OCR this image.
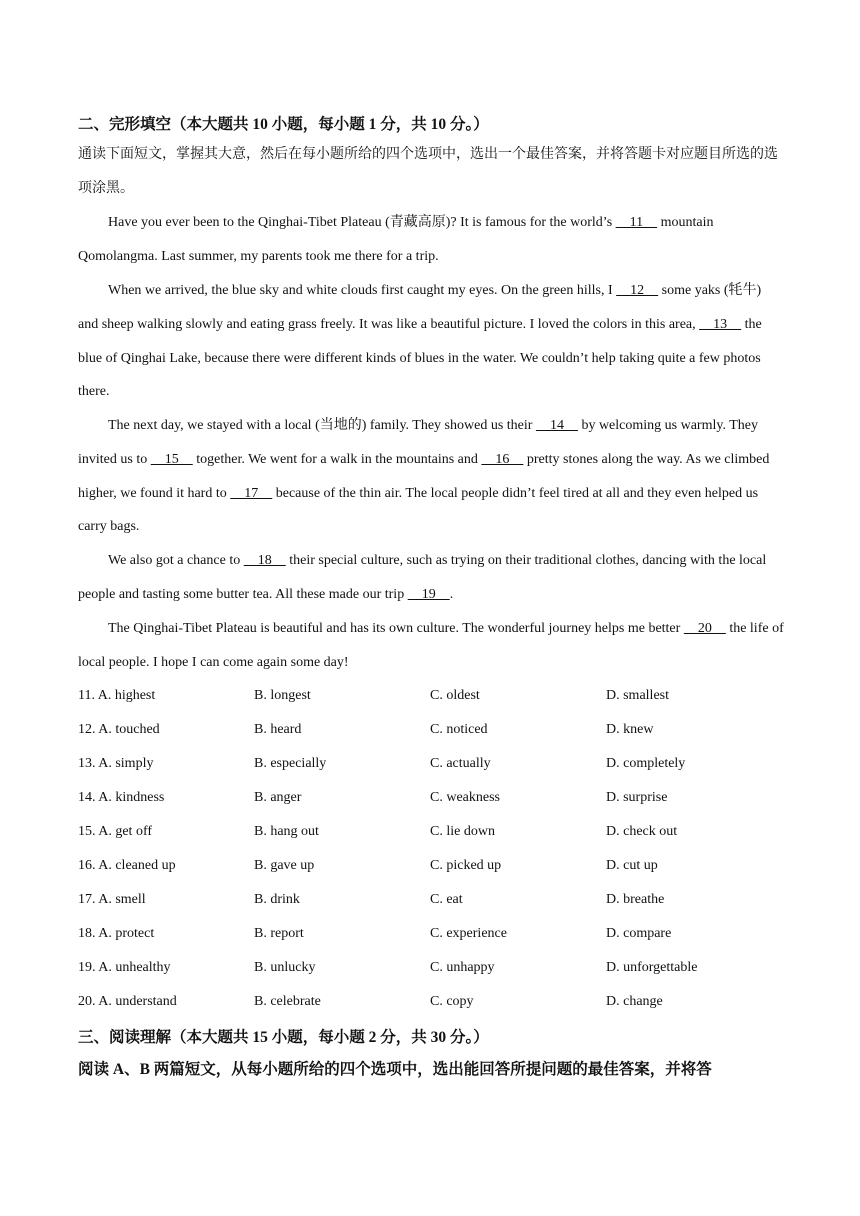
二、完形填空（本大题共 10 小题，每小题 1 分，共 10 分。）

通读下面短文，掌握其大意，然后在每小题所给的四个选项中，选出一个最佳答案，并将答题卡对应题目所选的选项涂黑。

Have you ever been to the Qinghai-Tibet Plateau (青藏高原)? It is famous for the world’s     11     mountain Qomolangma. Last summer, my parents took me there for a trip.

When we arrived, the blue sky and white clouds first caught my eyes. On the green hills, I     12     some yaks (牦牛) and sheep walking slowly and eating grass freely. It was like a beautiful picture. I loved the colors in this area,     13     the blue of Qinghai Lake, because there were different kinds of blues in the water. We couldn’t help taking quite a few photos there.

The next day, we stayed with a local (当地的) family. They showed us their     14     by welcoming us warmly. They invited us to     15     together. We went for a walk in the mountains and     16     pretty stones along the way. As we climbed higher, we found it hard to     17     because of the thin air. The local people didn’t feel tired at all and they even helped us carry bags.

We also got a chance to     18     their special culture, such as trying on their traditional clothes, dancing with the local people and tasting some butter tea. All these made our trip     19    .

The Qinghai-Tibet Plateau is beautiful and has its own culture. The wonderful journey helps me better     20     the life of local people. I hope I can come again some day!

11. A. highest	B. longest	C. oldest	D. smallest
12. A. touched	B. heard	C. noticed	D. knew
13. A. simply	B. especially	C. actually	D. completely
14. A. kindness	B. anger	C. weakness	D. surprise
15. A. get off	B. hang out	C. lie down	D. check out
16. A. cleaned up	B. gave up	C. picked up	D. cut up
17. A. smell	B. drink	C. eat	D. breathe
18. A. protect	B. report	C. experience	D. compare
19. A. unhealthy	B. unlucky	C. unhappy	D. unforgettable
20. A. understand	B. celebrate	C. copy	D. change
三、阅读理解（本大题共 15 小题，每小题 2 分，共 30 分。）
阅读 A、B 两篇短文，从每小题所给的四个选项中，选出能回答所提问题的最佳答案，并将答
